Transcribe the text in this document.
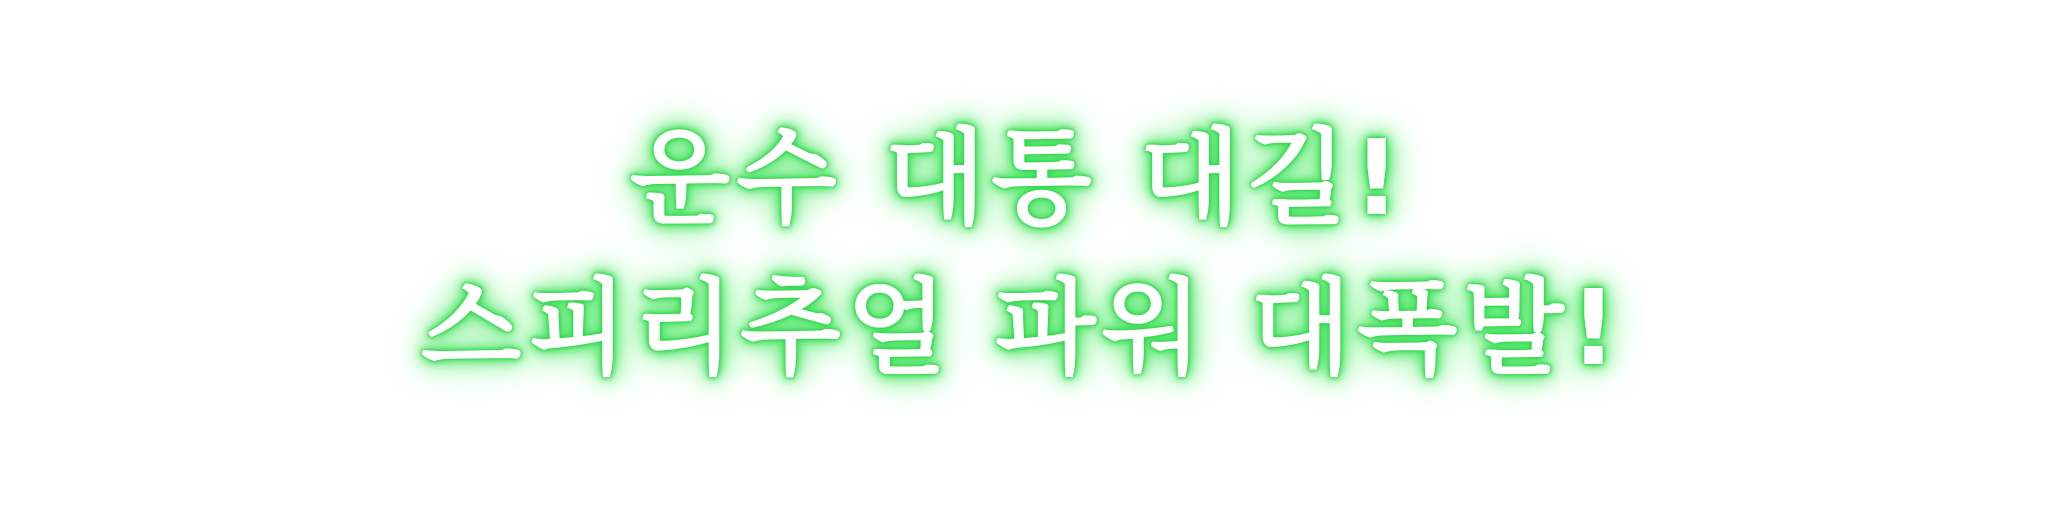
운수 대통 대길!
스피리추얼 파워 대폭발!
